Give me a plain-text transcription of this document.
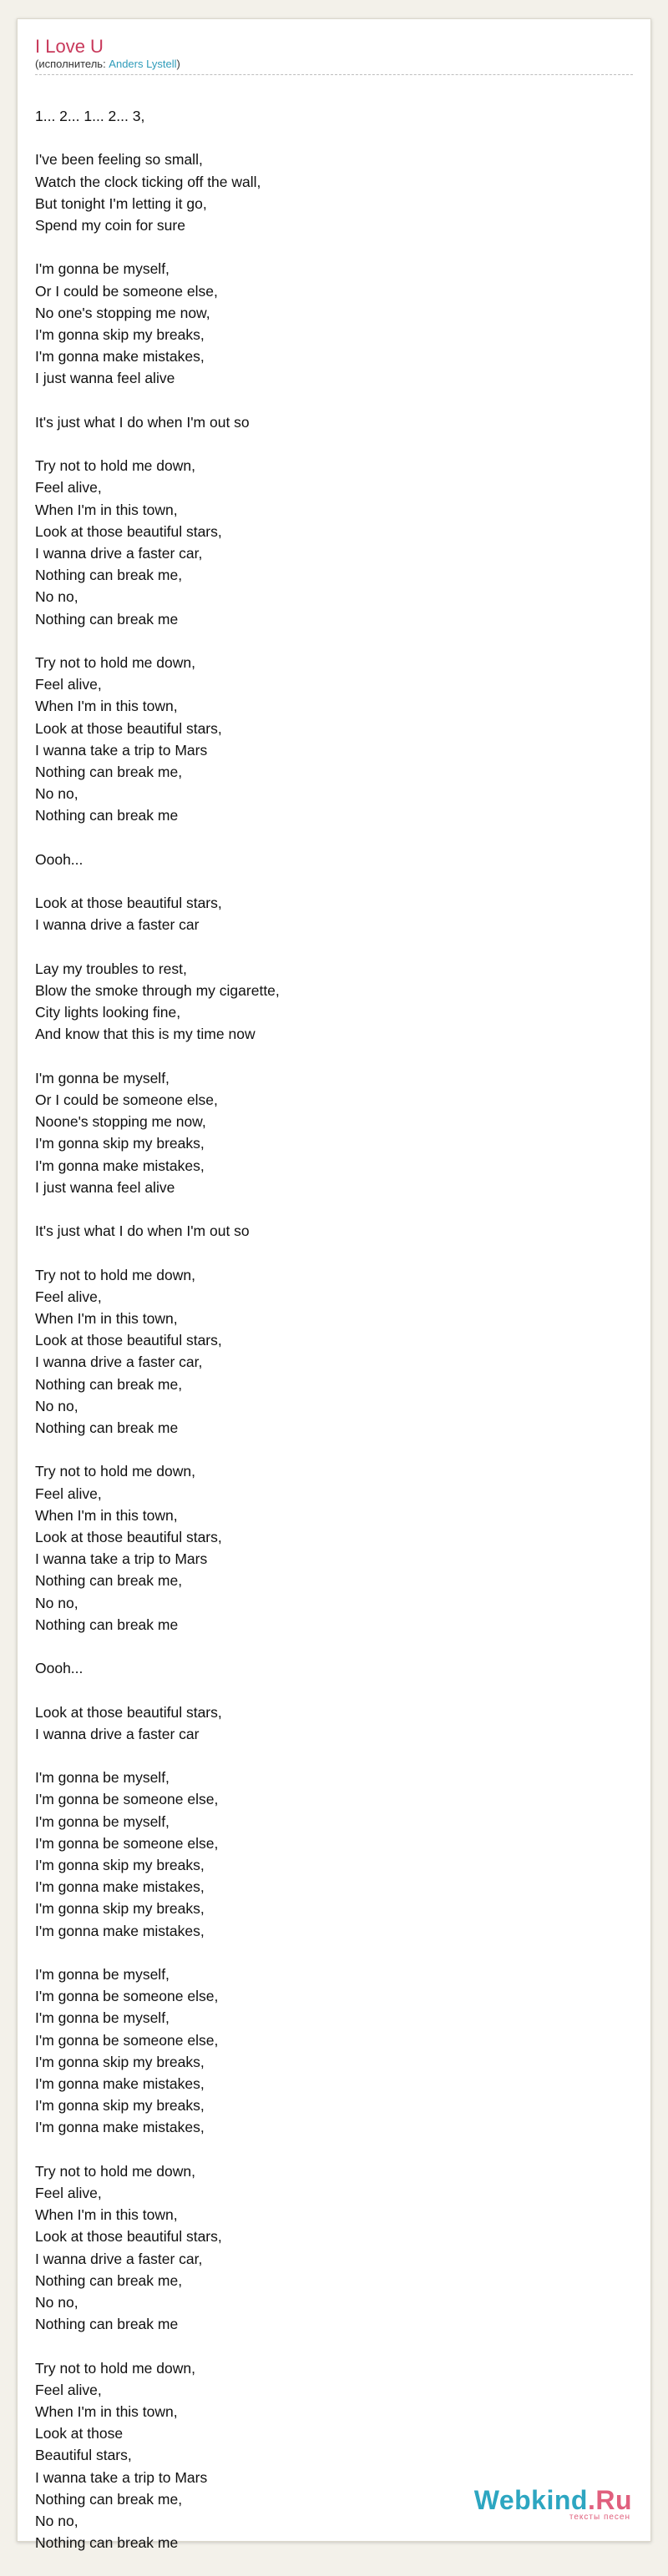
I Love U
(исполнитель: Anders Lystell)
1... 2... 1... 2... 3,
I've been feeling so small,
Watch the clock ticking off the wall,
But tonight I'm letting it go,
Spend my coin for sure
I'm gonna be myself,
Or I could be someone else,
No one's stopping me now,
I'm gonna skip my breaks,
I'm gonna make mistakes,
I just wanna feel alive
It's just what I do when I'm out so
Try not to hold me down,
Feel alive,
When I'm in this town,
Look at those beautiful stars,
I wanna drive a faster car,
Nothing can break me,
No no,
Nothing can break me
Try not to hold me down,
Feel alive,
When I'm in this town,
Look at those beautiful stars,
I wanna take a trip to Mars
Nothing can break me,
No no,
Nothing can break me
Oooh...
Look at those beautiful stars,
I wanna drive a faster car
Lay my troubles to rest,
Blow the smoke through my cigarette,
City lights looking fine,
And know that this is my time now
I'm gonna be myself,
Or I could be someone else,
Noone's stopping me now,
I'm gonna skip my breaks,
I'm gonna make mistakes,
I just wanna feel alive
It's just what I do when I'm out so
Try not to hold me down,
Feel alive,
When I'm in this town,
Look at those beautiful stars,
I wanna drive a faster car,
Nothing can break me,
No no,
Nothing can break me
Try not to hold me down,
Feel alive,
When I'm in this town,
Look at those beautiful stars,
I wanna take a trip to Mars
Nothing can break me,
No no,
Nothing can break me
Oooh...
Look at those beautiful stars,
I wanna drive a faster car
I'm gonna be myself,
I'm gonna be someone else,
I'm gonna be myself,
I'm gonna be someone else,
I'm gonna skip my breaks,
I'm gonna make mistakes,
I'm gonna skip my breaks,
I'm gonna make mistakes,
I'm gonna be myself,
I'm gonna be someone else,
I'm gonna be myself,
I'm gonna be someone else,
I'm gonna skip my breaks,
I'm gonna make mistakes,
I'm gonna skip my breaks,
I'm gonna make mistakes,
Try not to hold me down,
Feel alive,
When I'm in this town,
Look at those beautiful stars,
I wanna drive a faster car,
Nothing can break me,
No no,
Nothing can break me
Try not to hold me down,
Feel alive,
When I'm in this town,
Look at those
Beautiful stars,
I wanna take a trip to Mars
Nothing can break me,
No no,
Nothing can break me
Webkind.Ru
тексты песен
